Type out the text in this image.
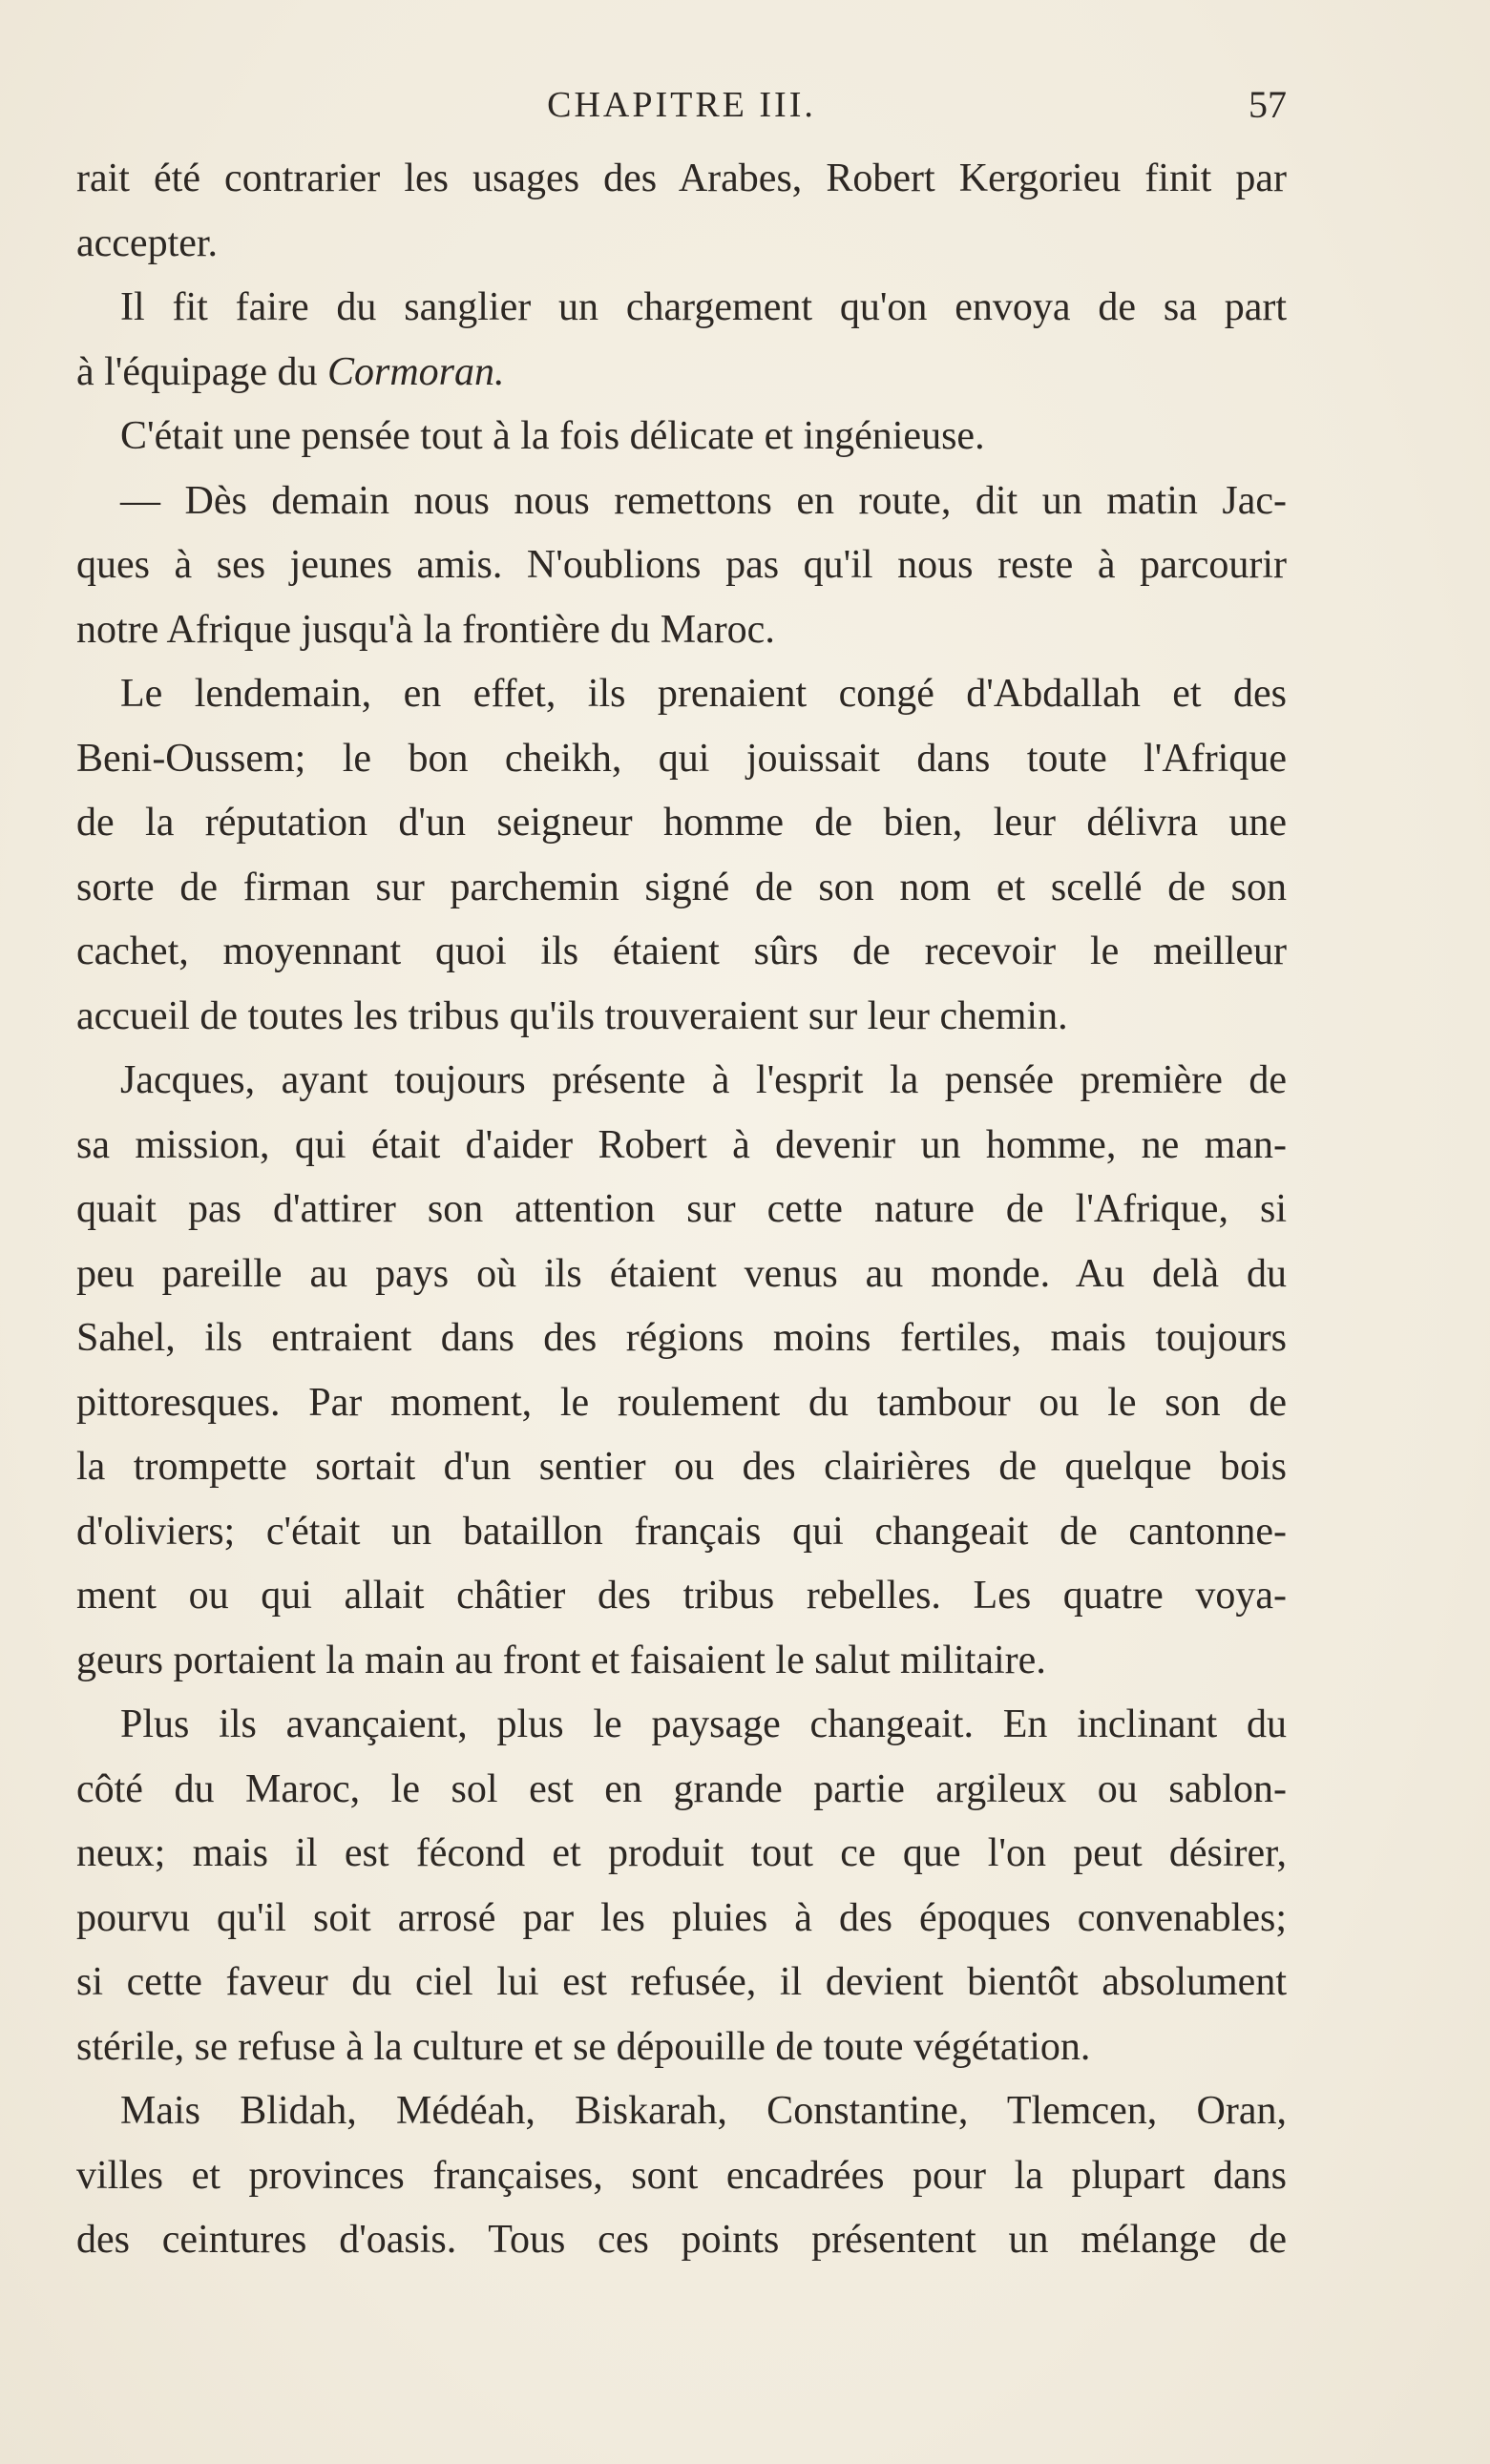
CHAPITRE III.	57
rait été contrarier les usages des Arabes, Robert Kergorieu finit par
accepter.
Il fit faire du sanglier un chargement qu'on envoya de sa part
à l'équipage du Cormoran.
C'était une pensée tout à la fois délicate et ingénieuse.
— Dès demain nous nous remettons en route, dit un matin Jac-
ques à ses jeunes amis. N'oublions pas qu'il nous reste à parcourir
notre Afrique jusqu'à la frontière du Maroc.
Le lendemain, en effet, ils prenaient congé d'Abdallah et des
Beni-Oussem; le bon cheikh, qui jouissait dans toute l'Afrique
de la réputation d'un seigneur homme de bien, leur délivra une
sorte de firman sur parchemin signé de son nom et scellé de son
cachet, moyennant quoi ils étaient sûrs de recevoir le meilleur
accueil de toutes les tribus qu'ils trouveraient sur leur chemin.
Jacques, ayant toujours présente à l'esprit la pensée première de
sa mission, qui était d'aider Robert à devenir un homme, ne man-
quait pas d'attirer son attention sur cette nature de l'Afrique, si
peu pareille au pays où ils étaient venus au monde. Au delà du
Sahel, ils entraient dans des régions moins fertiles, mais toujours
pittoresques. Par moment, le roulement du tambour ou le son de
la trompette sortait d'un sentier ou des clairières de quelque bois
d'oliviers; c'était un bataillon français qui changeait de cantonne-
ment ou qui allait châtier des tribus rebelles. Les quatre voya-
geurs portaient la main au front et faisaient le salut militaire.
Plus ils avançaient, plus le paysage changeait. En inclinant du
côté du Maroc, le sol est en grande partie argileux ou sablon-
neux; mais il est fécond et produit tout ce que l'on peut désirer,
pourvu qu'il soit arrosé par les pluies à des époques convenables;
si cette faveur du ciel lui est refusée, il devient bientôt absolument
stérile, se refuse à la culture et se dépouille de toute végétation.
Mais Blidah, Médéah, Biskarah, Constantine, Tlemcen, Oran,
villes et provinces françaises, sont encadrées pour la plupart dans
des ceintures d'oasis. Tous ces points présentent un mélange de
